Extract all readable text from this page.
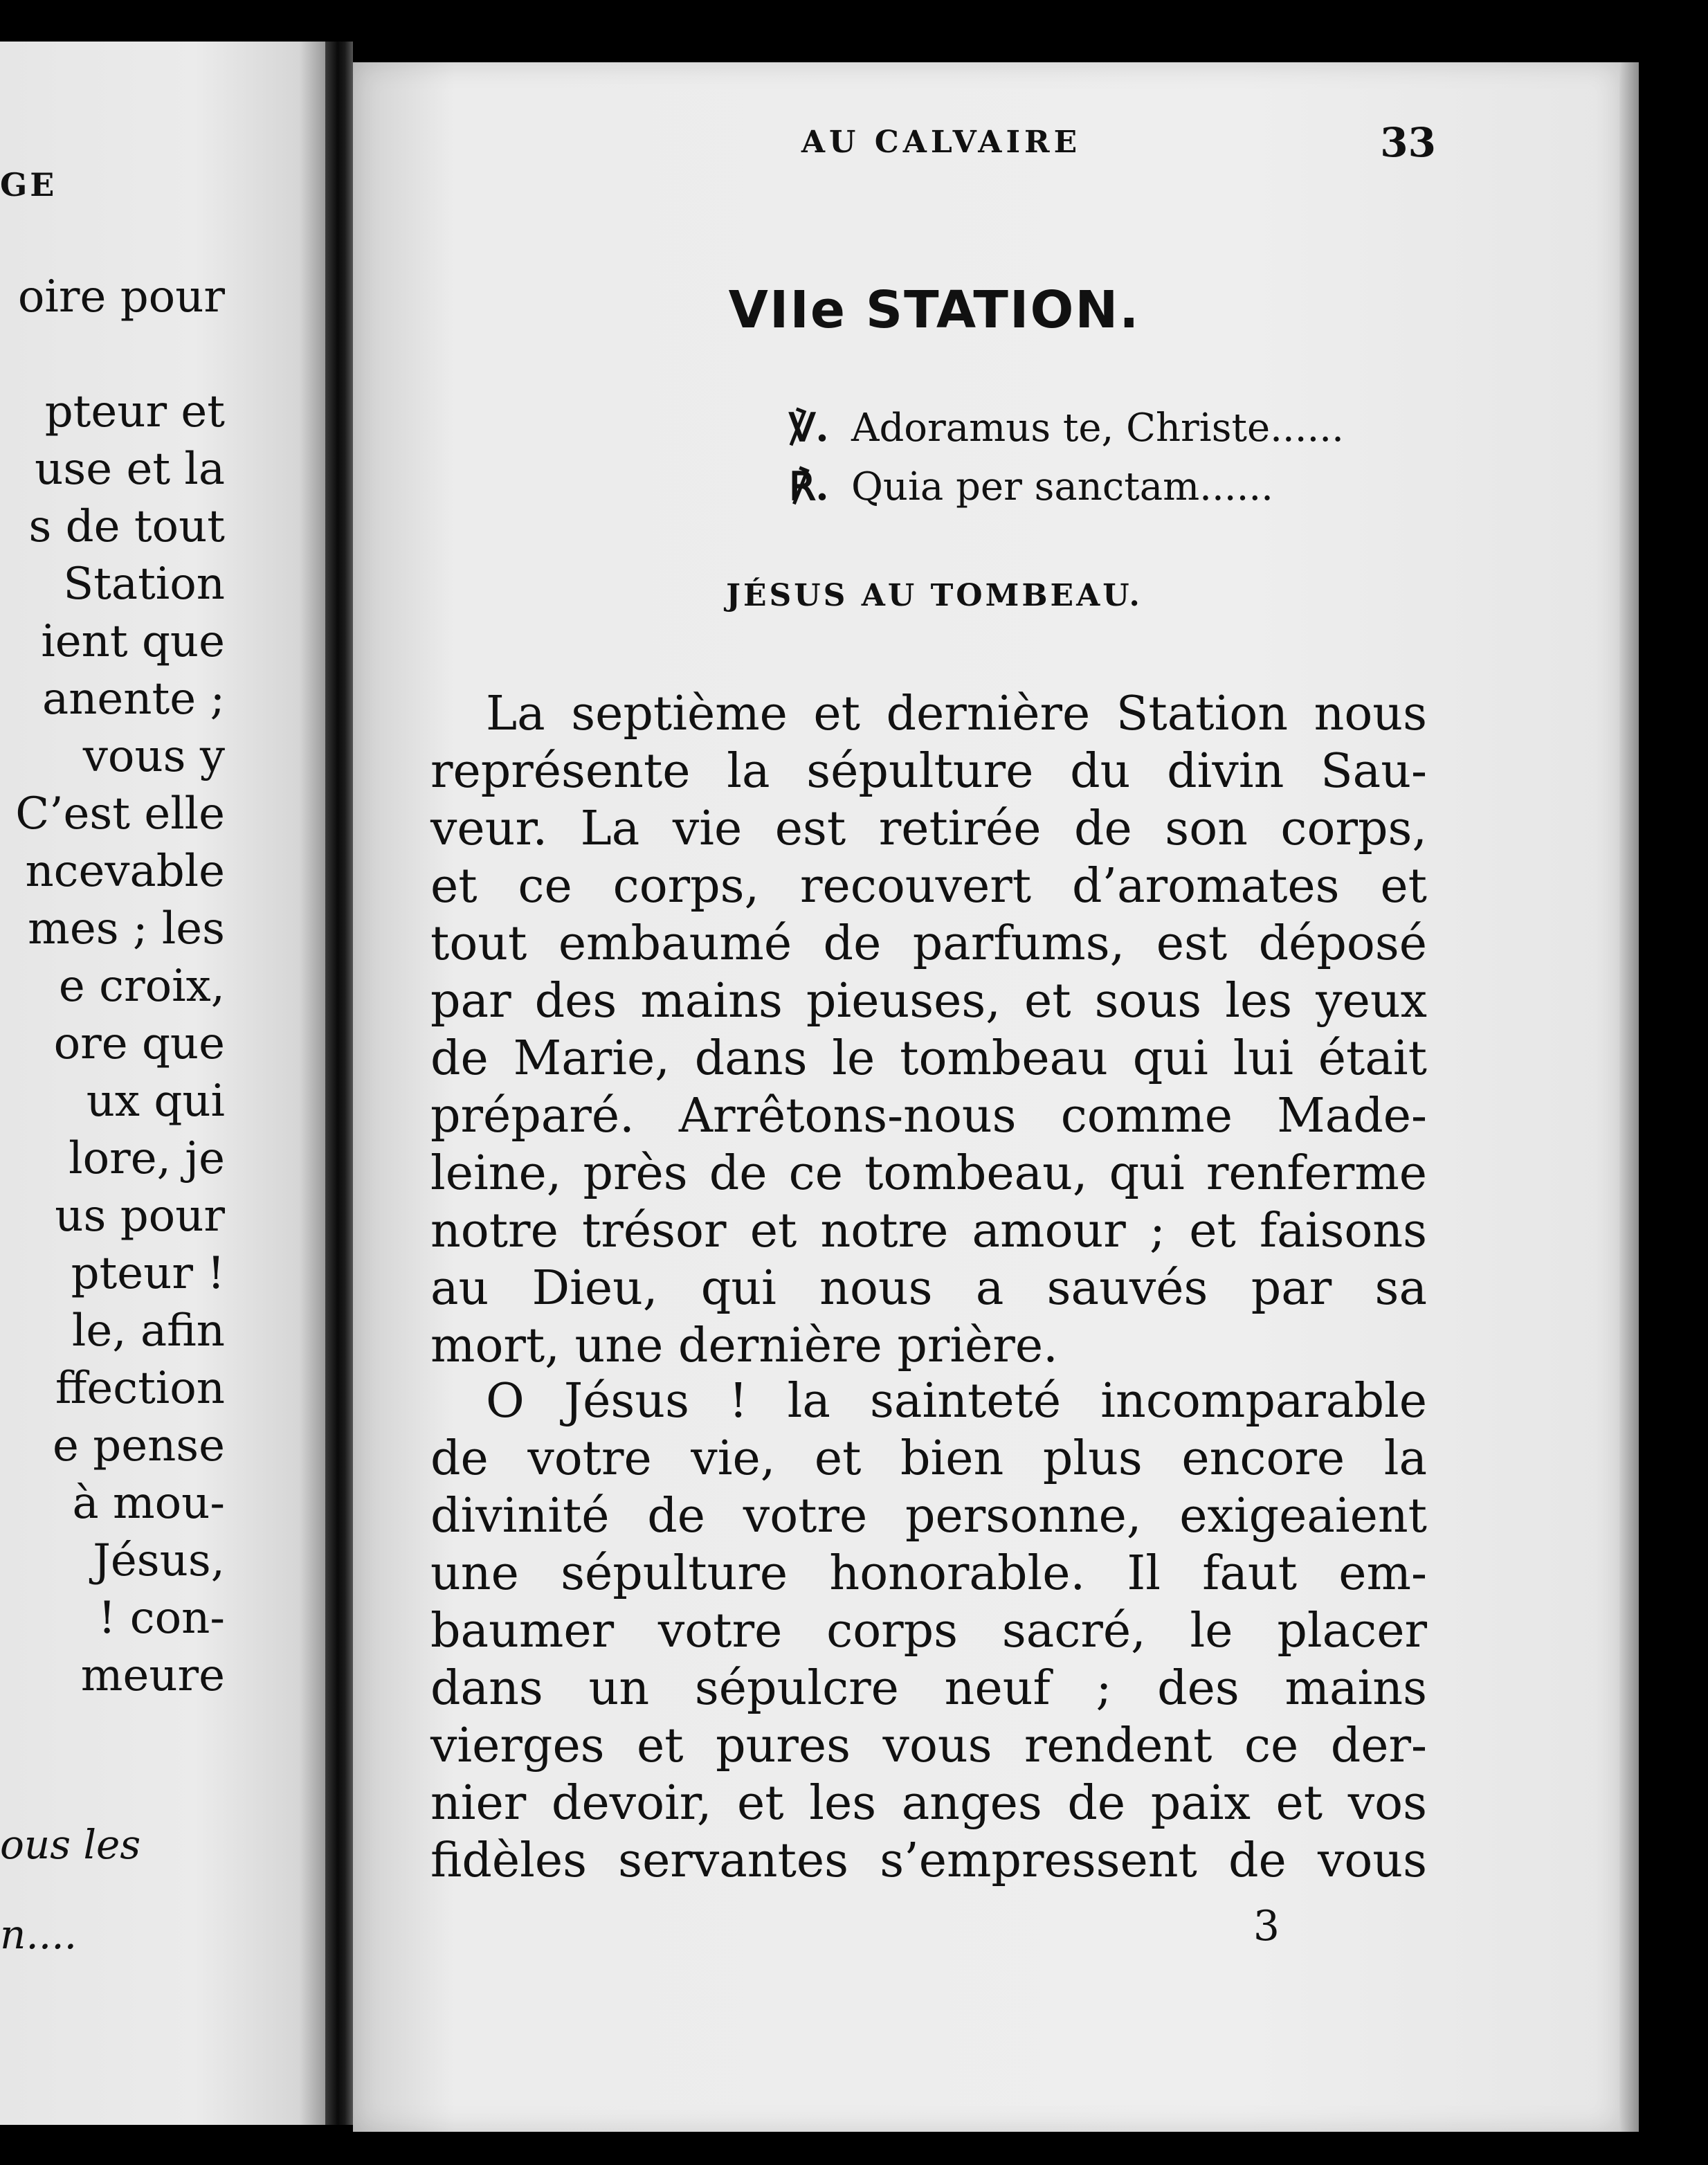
GE
oire pour
pteur et
use et la
s de tout
Station
ient que
anente ;
vous y
C’est elle
ncevable
mes ; les
e croix,
ore que
ux qui
lore, je
us pour
pteur !
le, afin
ffection
e pense
à mou-
Jésus,
! con-
meure
ous les
n....
AU CALVAIRE	33
VIIe STATION.
℣. Adoramus te, Christe......
℟. Quia per sanctam......
JÉSUS AU TOMBEAU.
La septième et dernière Station nous
représente la sépulture du divin Sau-
veur. La vie est retirée de son corps,
et ce corps, recouvert d’aromates et
tout embaumé de parfums, est déposé
par des mains pieuses, et sous les yeux
de Marie, dans le tombeau qui lui était
préparé. Arrêtons-nous comme Made-
leine, près de ce tombeau, qui renferme
notre trésor et notre amour ; et faisons
au Dieu, qui nous a sauvés par sa
mort, une dernière prière.
O Jésus ! la sainteté incomparable
de votre vie, et bien plus encore la
divinité de votre personne, exigeaient
une sépulture honorable. Il faut em-
baumer votre corps sacré, le placer
dans un sépulcre neuf ; des mains
vierges et pures vous rendent ce der-
nier devoir, et les anges de paix et vos
fidèles servantes s’empressent de vous
3
